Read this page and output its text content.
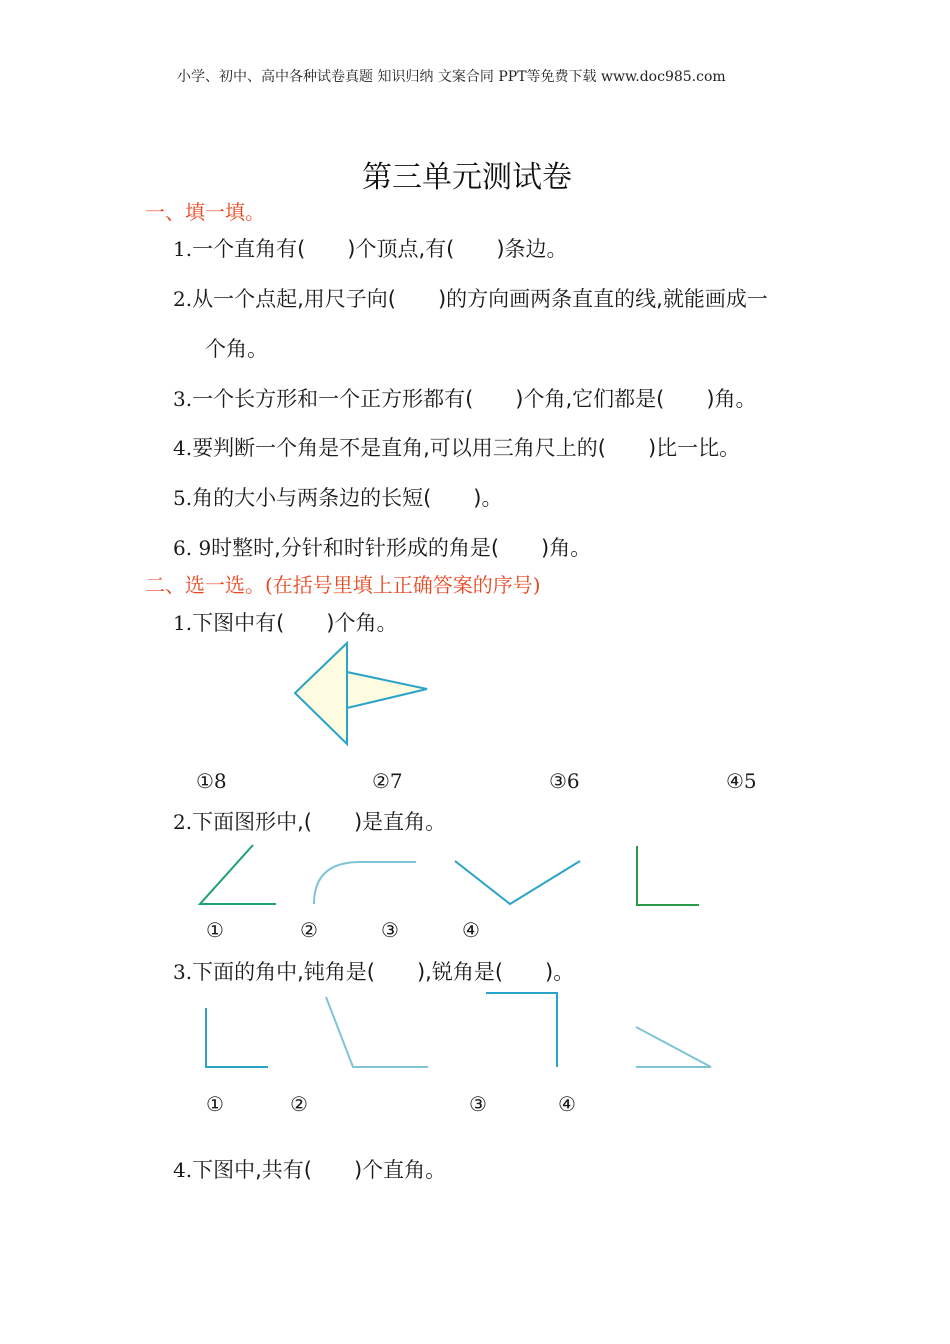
小学、初中、高中各种试卷真题 知识归纳 文案合同 PPT等免费下载 www.doc985.com
第三单元测试卷
一、填一填。
1.一个直角有(　　)个顶点,有(　　)条边。
2.从一个点起,用尺子向(　　)的方向画两条直直的线,就能画成一
个角。
3.一个长方形和一个正方形都有(　　)个角,它们都是(　　)角。
4.要判断一个角是不是直角,可以用三角尺上的(　　)比一比。
5.角的大小与两条边的长短(　　)。
6. 9时整时,分针和时针形成的角是(　　)角。
二、选一选。(在括号里填上正确答案的序号)
1.下图中有(　　)个角。
①8	②7	③6	④5
2.下面图形中,(　　)是直角。
①	②	③	④
3.下面的角中,钝角是(　　),锐角是(　　)。
①	②	③	④
4.下图中,共有(　　)个直角。
